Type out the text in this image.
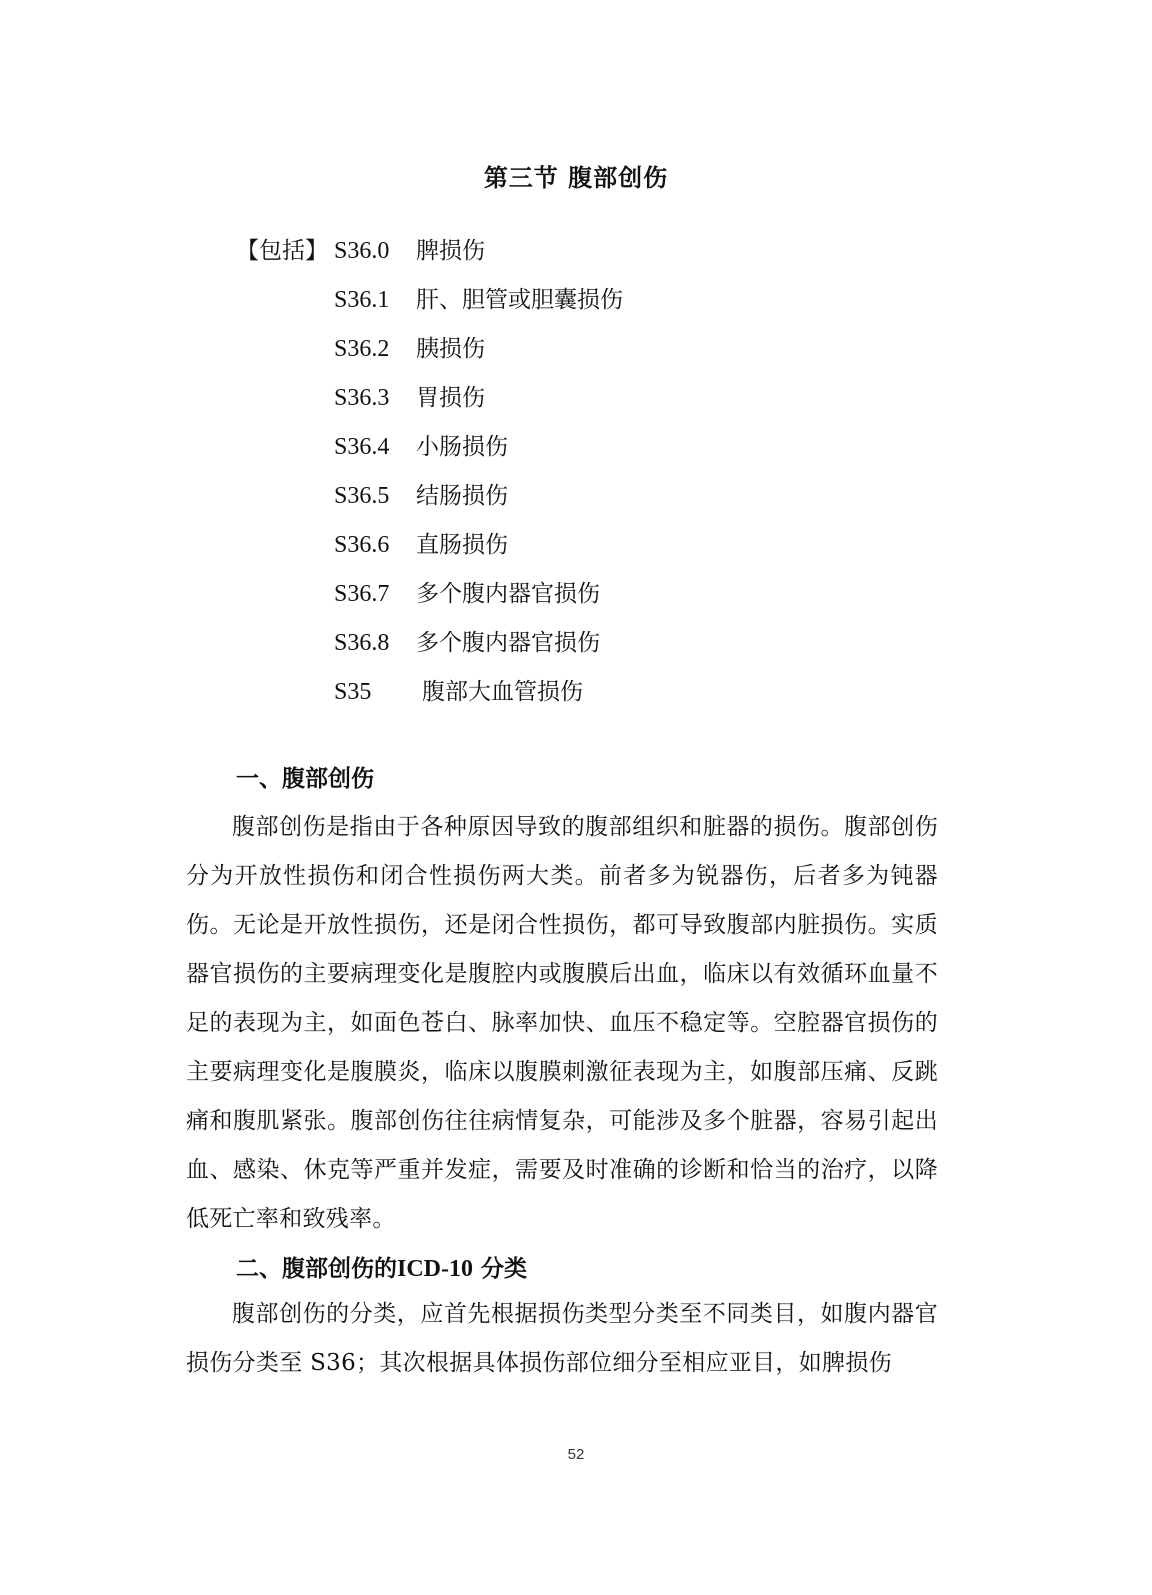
第三节 腹部创伤
【包括】 S36.0	脾损伤
S36.1	肝、胆管或胆囊损伤
S36.2	胰损伤
S36.3	胃损伤
S36.4	小肠损伤
S36.5	结肠损伤
S36.6	直肠损伤
S36.7	多个腹内器官损伤
S36.8	多个腹内器官损伤
S35	腹部大血管损伤
一、腹部创伤

腹部创伤是指由于各种原因导致的腹部组织和脏器的损伤。腹部创伤分为开放性损伤和闭合性损伤两大类。前者多为锐器伤，后者多为钝器伤。无论是开放性损伤，还是闭合性损伤，都可导致腹部内脏损伤。实质器官损伤的主要病理变化是腹腔内或腹膜后出血，临床以有效循环血量不足的表现为主，如面色苍白、脉率加快、血压不稳定等。空腔器官损伤的主要病理变化是腹膜炎，临床以腹膜刺激征表现为主，如腹部压痛、反跳痛和腹肌紧张。腹部创伤往往病情复杂，可能涉及多个脏器，容易引起出血、感染、休克等严重并发症，需要及时准确的诊断和恰当的治疗，以降低死亡率和致残率。

二、腹部创伤的ICD-10 分类

腹部创伤的分类，应首先根据损伤类型分类至不同类目，如腹内器官损伤分类至 S36；其次根据具体损伤部位细分至相应亚目，如脾损伤

52
